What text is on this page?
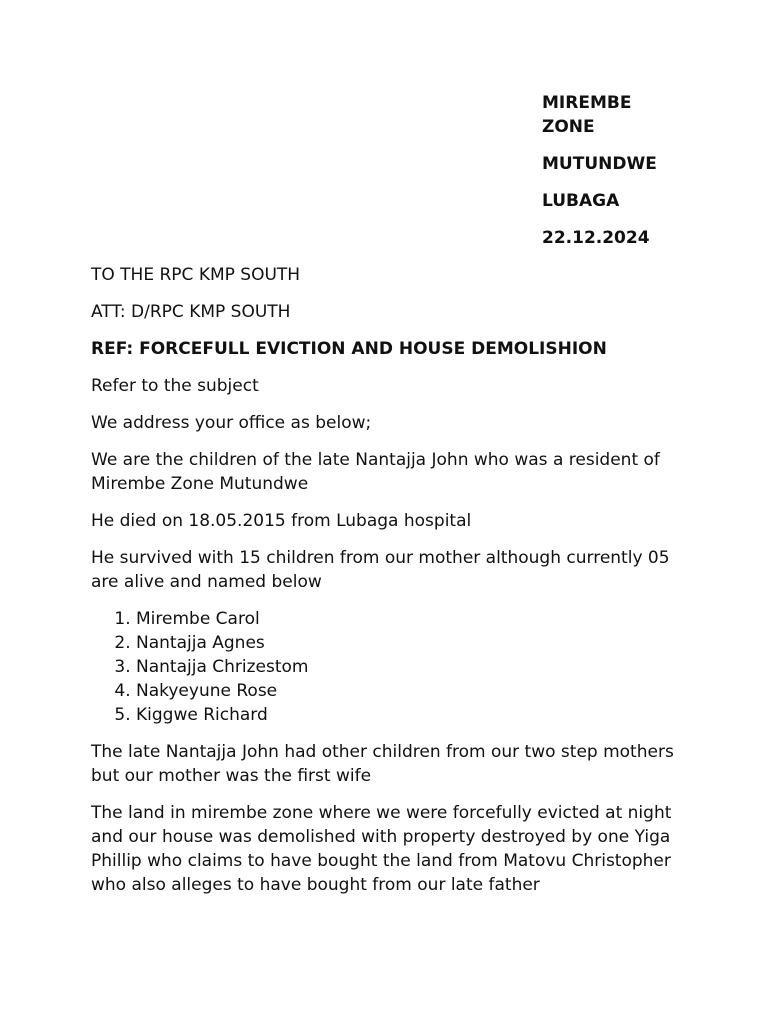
MIREMBE ZONE

MUTUNDWE

LUBAGA

22.12.2024

TO THE RPC KMP SOUTH

ATT: D/RPC KMP SOUTH

REF: FORCEFULL EVICTION AND HOUSE DEMOLISHION

Refer to the subject

We address your office as below;

We are the children of the late Nantajja John who was a resident of Mirembe Zone Mutundwe

He died on 18.05.2015 from Lubaga hospital

He survived with 15 children from our mother although currently 05 are alive and named below

1. Mirembe Carol
2. Nantajja Agnes
3. Nantajja Chrizestom
4. Nakyeyune Rose
5. Kiggwe Richard

The late Nantajja John had other children from our two step mothers but our mother was the first wife

The land in mirembe zone where we were forcefully evicted at night and our house was demolished with property destroyed by one Yiga Phillip who claims to have bought the land from Matovu Christopher who also alleges to have bought from our late father
